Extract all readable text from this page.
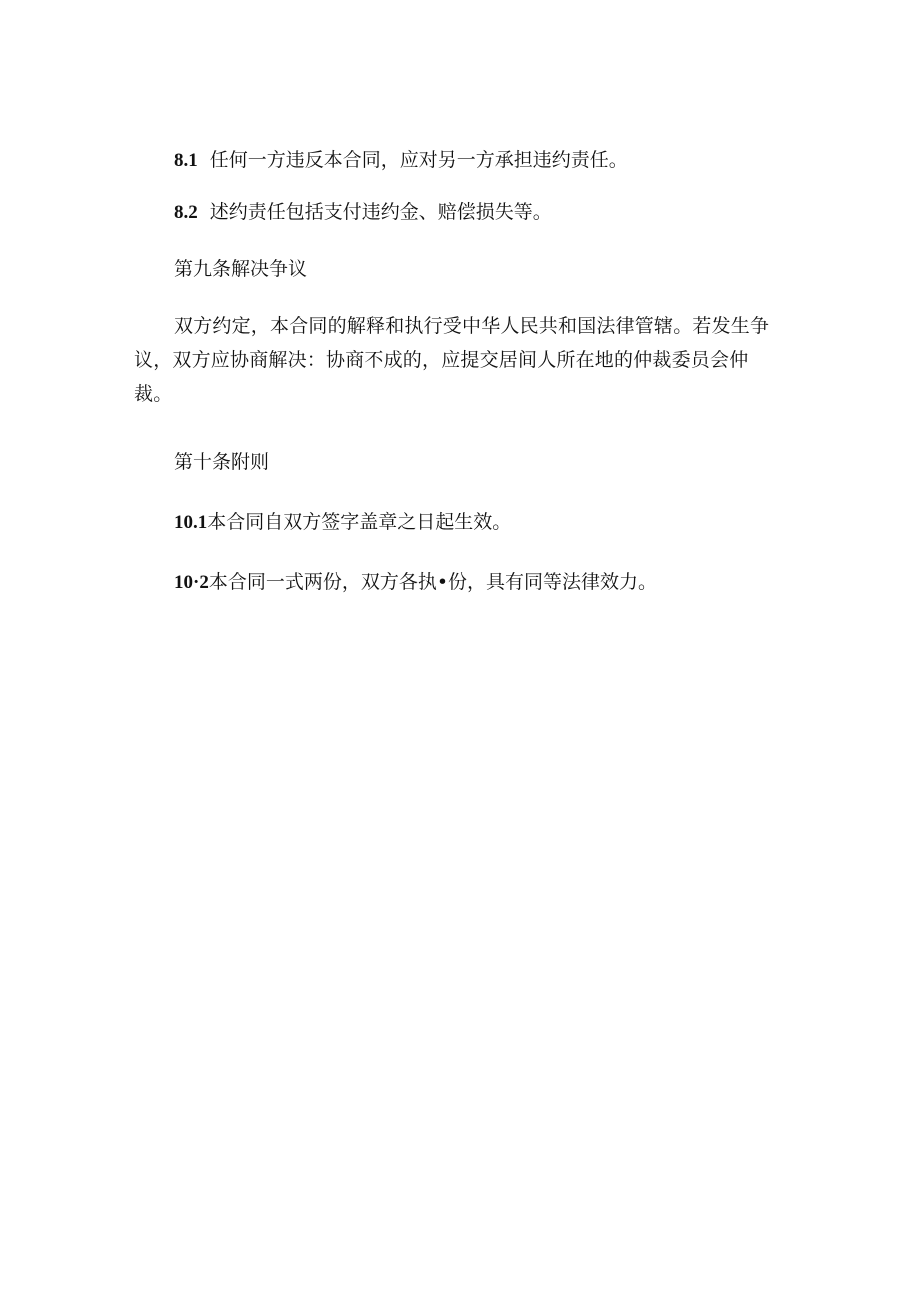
8.1 任何一方违反本合同，应对另一方承担违约责任。

8.2 述约责任包括支付违约金、赔偿损失等。

第九条解决争议

双方约定，本合同的解释和执行受中华人民共和国法律管辖。若发生争议，双方应协商解决：协商不成的，应提交居间人所在地的仲裁委员会仲裁。

第十条附则

10.1本合同自双方签字盖章之日起生效。

10·2本合同一式两份，双方各执•份，具有同等法律效力。
